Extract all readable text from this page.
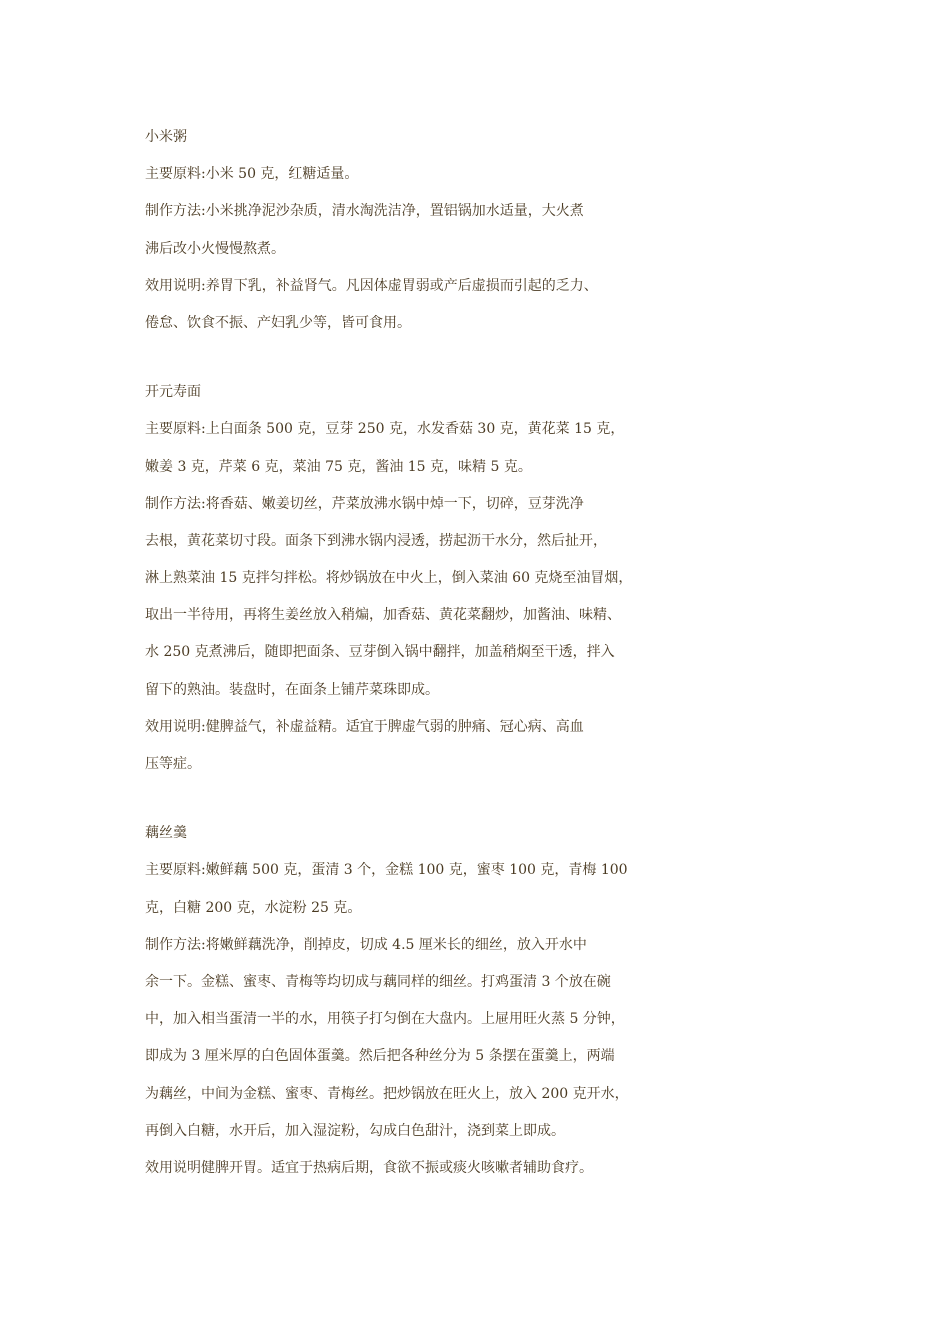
小米粥
主要原料:小米 50 克，红糖适量。
制作方法:小米挑净泥沙杂质，清水淘洗洁净，置铝锅加水适量，大火煮
沸后改小火慢慢熬煮。
效用说明:养胃下乳，补益肾气。凡因体虚胃弱或产后虚损而引起的乏力、
倦怠、饮食不振、产妇乳少等，皆可食用。
开元寿面
主要原料:上白面条 500 克，豆芽 250 克，水发香菇 30 克，黄花菜 15 克，
嫩姜 3 克，芹菜 6 克，菜油 75 克，酱油 15 克，味精 5 克。
制作方法:将香菇、嫩姜切丝，芹菜放沸水锅中焯一下，切碎，豆芽洗净
去根，黄花菜切寸段。面条下到沸水锅内浸透，捞起沥干水分，然后扯开，
淋上熟菜油 15 克拌匀拌松。将炒锅放在中火上，倒入菜油 60 克烧至油冒烟，
取出一半待用，再将生姜丝放入稍煸，加香菇、黄花菜翻炒，加酱油、味精、
水 250 克煮沸后，随即把面条、豆芽倒入锅中翻拌，加盖稍焖至干透，拌入
留下的熟油。装盘时，在面条上铺芹菜珠即成。
效用说明:健脾益气，补虚益精。适宜于脾虚气弱的肿痛、冠心病、高血
压等症。
藕丝羹
主要原料:嫩鲜藕 500 克，蛋清 3 个，金糕 100 克，蜜枣 100 克，青梅 100
克，白糖 200 克，水淀粉 25 克。
制作方法:将嫩鲜藕洗净，削掉皮，切成 4.5 厘米长的细丝，放入开水中
余一下。金糕、蜜枣、青梅等均切成与藕同样的细丝。打鸡蛋清 3 个放在碗
中，加入相当蛋清一半的水，用筷子打匀倒在大盘内。上屉用旺火蒸 5 分钟，
即成为 3 厘米厚的白色固体蛋羹。然后把各种丝分为 5 条摆在蛋羹上，两端
为藕丝，中间为金糕、蜜枣、青梅丝。把炒锅放在旺火上，放入 200 克开水，
再倒入白糖，水开后，加入湿淀粉，勾成白色甜汁，浇到菜上即成。
效用说明健脾开胃。适宜于热病后期，食欲不振或痰火咳嗽者辅助食疗。
